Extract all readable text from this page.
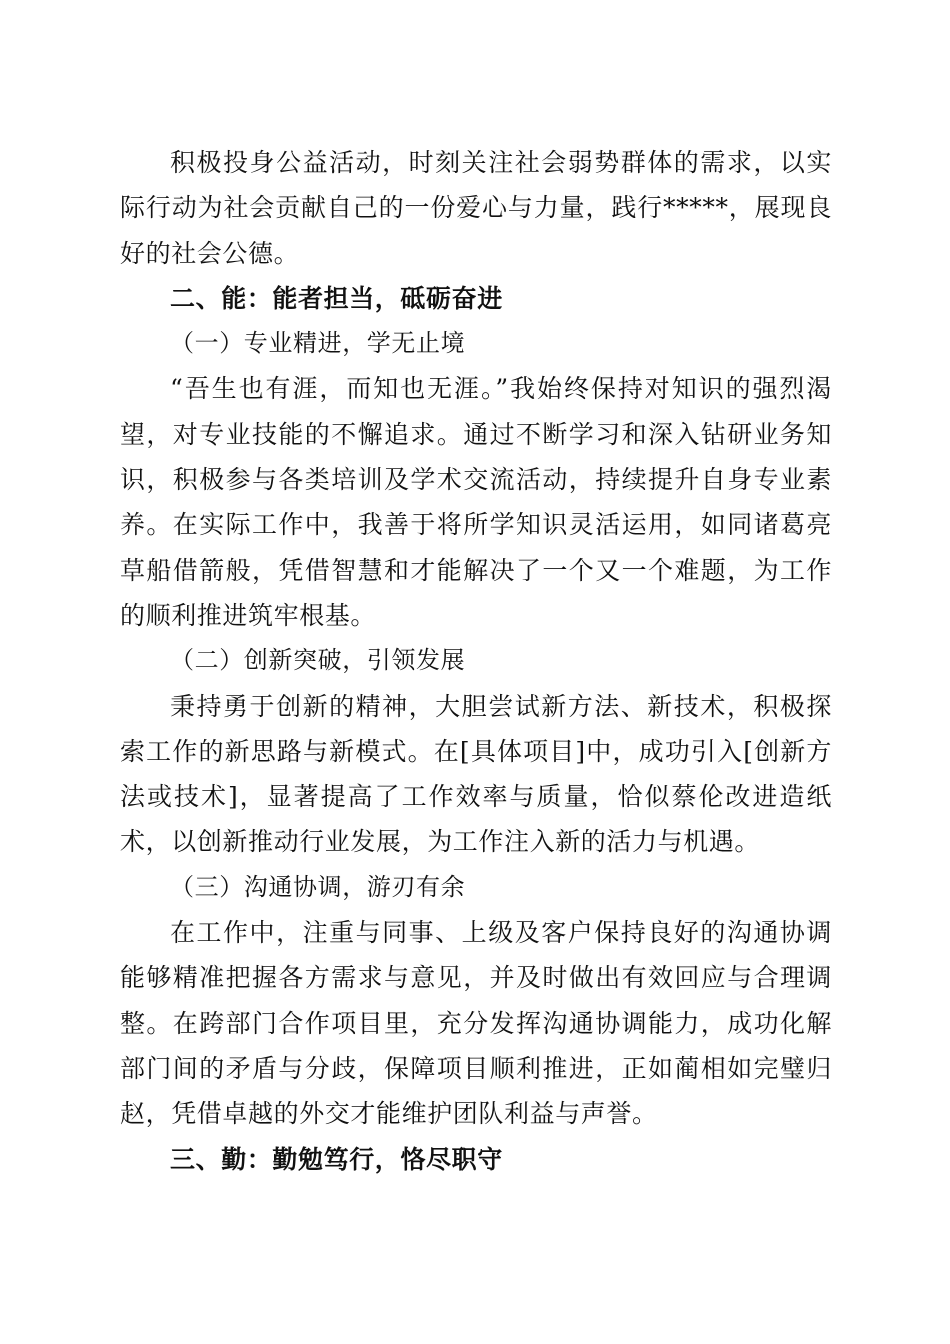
积极投身公益活动，时刻关注社会弱势群体的需求，以实际行动为社会贡献自己的一份爱心与力量，践行*****，展现良好的社会公德。

二、能：能者担当，砥砺奋进

（一）专业精进，学无止境

“吾生也有涯，而知也无涯。”我始终保持对知识的强烈渴望，对专业技能的不懈追求。通过不断学习和深入钻研业务知识，积极参与各类培训及学术交流活动，持续提升自身专业素养。在实际工作中，我善于将所学知识灵活运用，如同诸葛亮草船借箭般，凭借智慧和才能解决了一个又一个难题，为工作的顺利推进筑牢根基。

（二）创新突破，引领发展

秉持勇于创新的精神，大胆尝试新方法、新技术，积极探索工作的新思路与新模式。在[具体项目]中，成功引入[创新方法或技术]，显著提高了工作效率与质量，恰似蔡伦改进造纸术，以创新推动行业发展，为工作注入新的活力与机遇。

（三）沟通协调，游刃有余

在工作中，注重与同事、上级及客户保持良好的沟通协调能够精准把握各方需求与意见，并及时做出有效回应与合理调整。在跨部门合作项目里，充分发挥沟通协调能力，成功化解部门间的矛盾与分歧，保障项目顺利推进，正如蔺相如完璧归赵，凭借卓越的外交才能维护团队利益与声誉。

三、勤：勤勉笃行，恪尽职守
